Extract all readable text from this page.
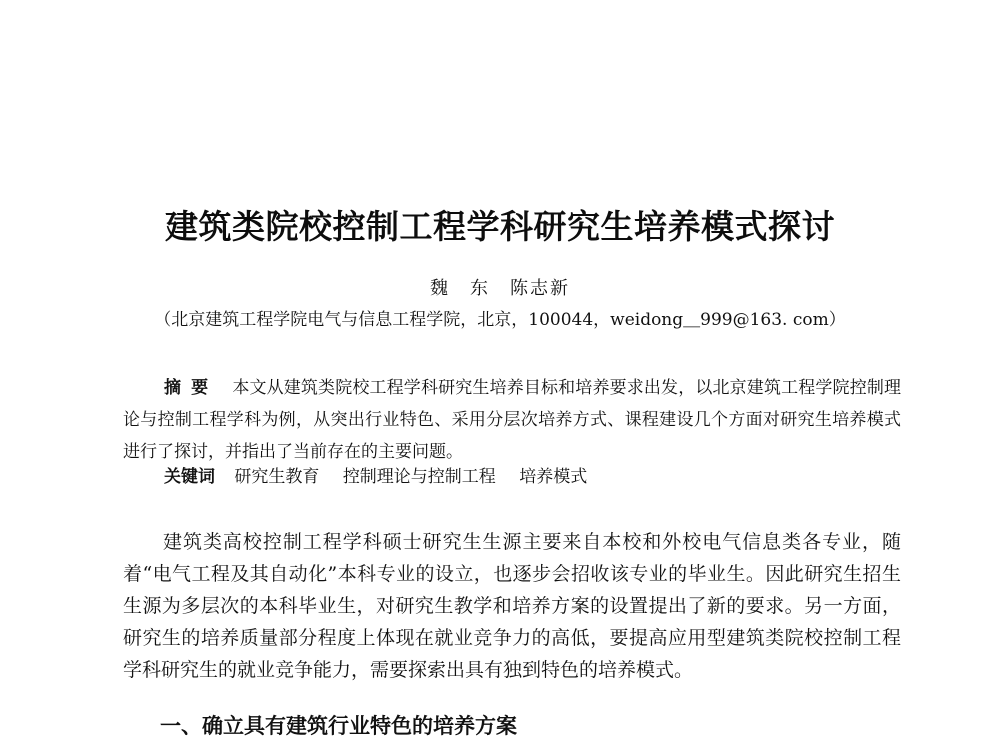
建筑类院校控制工程学科研究生培养模式探讨
魏　东　陈志新
（北京建筑工程学院电气与信息工程学院，北京，100044，weidong＿999@163. com）
摘要 本文从建筑类院校工程学科研究生培养目标和培养要求出发，以北京建筑工程学院控制理论与控制工程学科为例，从突出行业特色、采用分层次培养方式、课程建设几个方面对研究生培养模式进行了探讨，并指出了当前存在的主要问题。
关键词 研究生教育 控制理论与控制工程 培养模式
建筑类高校控制工程学科硕士研究生生源主要来自本校和外校电气信息类各专业，随着“电气工程及其自动化”本科专业的设立，也逐步会招收该专业的毕业生。因此研究生招生生源为多层次的本科毕业生，对研究生教学和培养方案的设置提出了新的要求。另一方面，研究生的培养质量部分程度上体现在就业竞争力的高低，要提高应用型建筑类院校控制工程学科研究生的就业竞争能力，需要探索出具有独到特色的培养模式。
一、确立具有建筑行业特色的培养方案
